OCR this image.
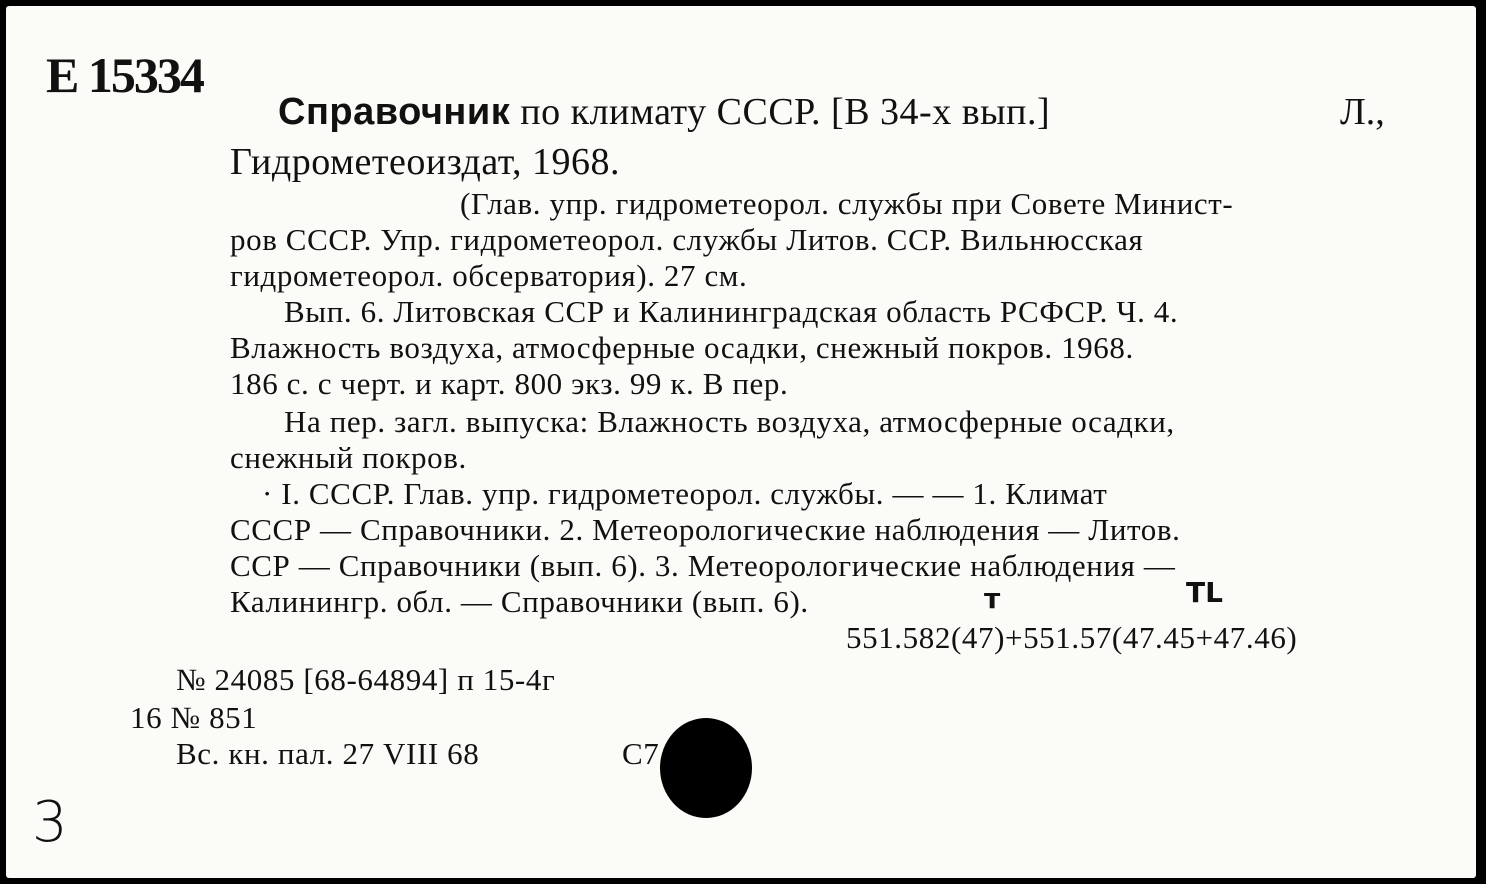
Е 15334
Справочник по климату СССР. [В 34-х вып.]	Л.,
Гидрометеоиздат, 1968.
(Глав. упр. гидрометеорол. службы при Совете Минист-
ров СССР. Упр. гидрометеорол. службы Литов. ССР. Вильнюсская
гидрометеорол. обсерватория). 27 см.
Вып. 6. Литовская ССР и Калининградская область РСФСР. Ч. 4.
Влажность воздуха, атмосферные осадки, снежный покров. 1968.
186 с. с черт. и карт. 800 экз. 99 к. В пер.
На пер. загл. выпуска: Влажность воздуха, атмосферные осадки,
снежный покров.
· I. СССР. Глав. упр. гидрометеорол. службы. — — 1. Климат
СССР — Справочники. 2. Метеорологические наблюдения — Литов.
ССР — Справочники (вып. 6). 3. Метеорологические наблюдения —
Калинингр. обл. — Справочники (вып. 6).
551.582(47)+551.57(47.45+47.46)
№ 24085 [68-64894] п 15-4г
16 № 851
Вс. кн. пал. 27 VIII 68	С7
3
т	ТL
